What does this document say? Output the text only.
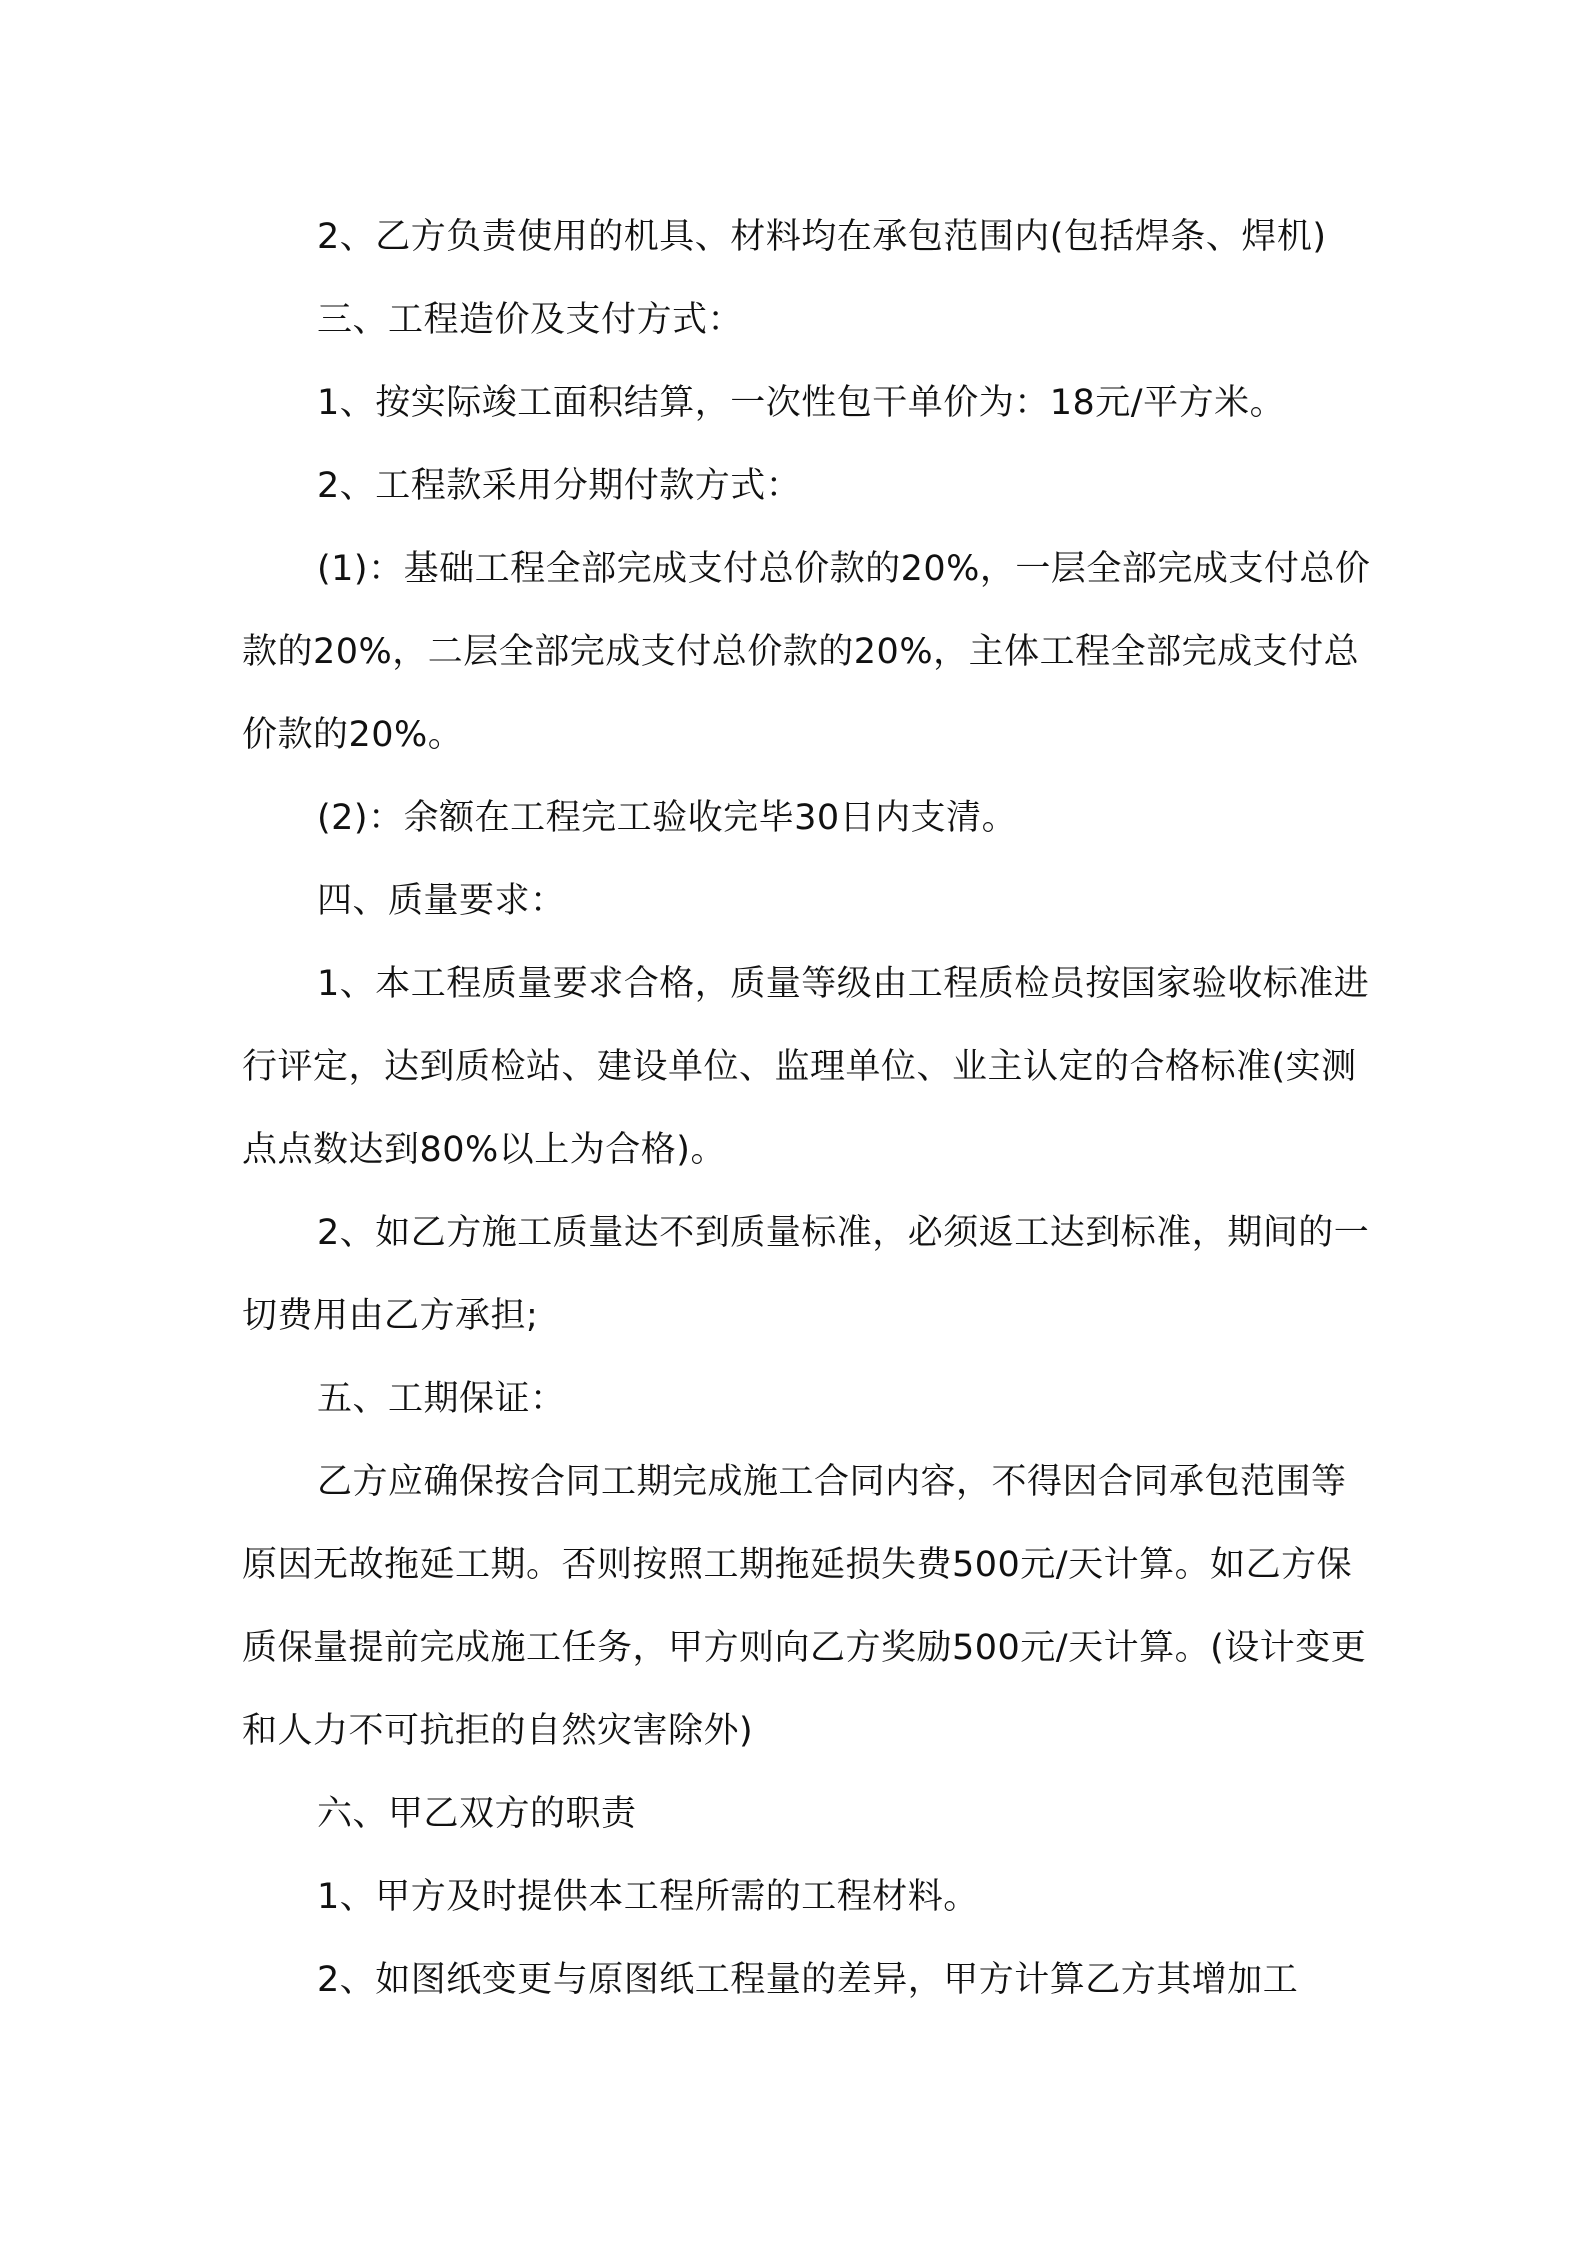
2、乙方负责使用的机具、材料均在承包范围内(包括焊条、焊机)

三、工程造价及支付方式：

1、按实际竣工面积结算，一次性包干单价为：18元/平方米。

2、工程款采用分期付款方式：

(1)：基础工程全部完成支付总价款的20%，一层全部完成支付总价款的20%，二层全部完成支付总价款的20%，主体工程全部完成支付总价款的20%。

(2)：余额在工程完工验收完毕30日内支清。

四、质量要求：

1、本工程质量要求合格，质量等级由工程质检员按国家验收标准进行评定，达到质检站、建设单位、监理单位、业主认定的合格标准(实测点点数达到80%以上为合格)。

2、如乙方施工质量达不到质量标准，必须返工达到标准，期间的一切费用由乙方承担;

五、工期保证：

乙方应确保按合同工期完成施工合同内容，不得因合同承包范围等原因无故拖延工期。否则按照工期拖延损失费500元/天计算。如乙方保质保量提前完成施工任务，甲方则向乙方奖励500元/天计算。(设计变更和人力不可抗拒的自然灾害除外)

六、甲乙双方的职责

1、甲方及时提供本工程所需的工程材料。

2、如图纸变更与原图纸工程量的差异，甲方计算乙方其增加工
